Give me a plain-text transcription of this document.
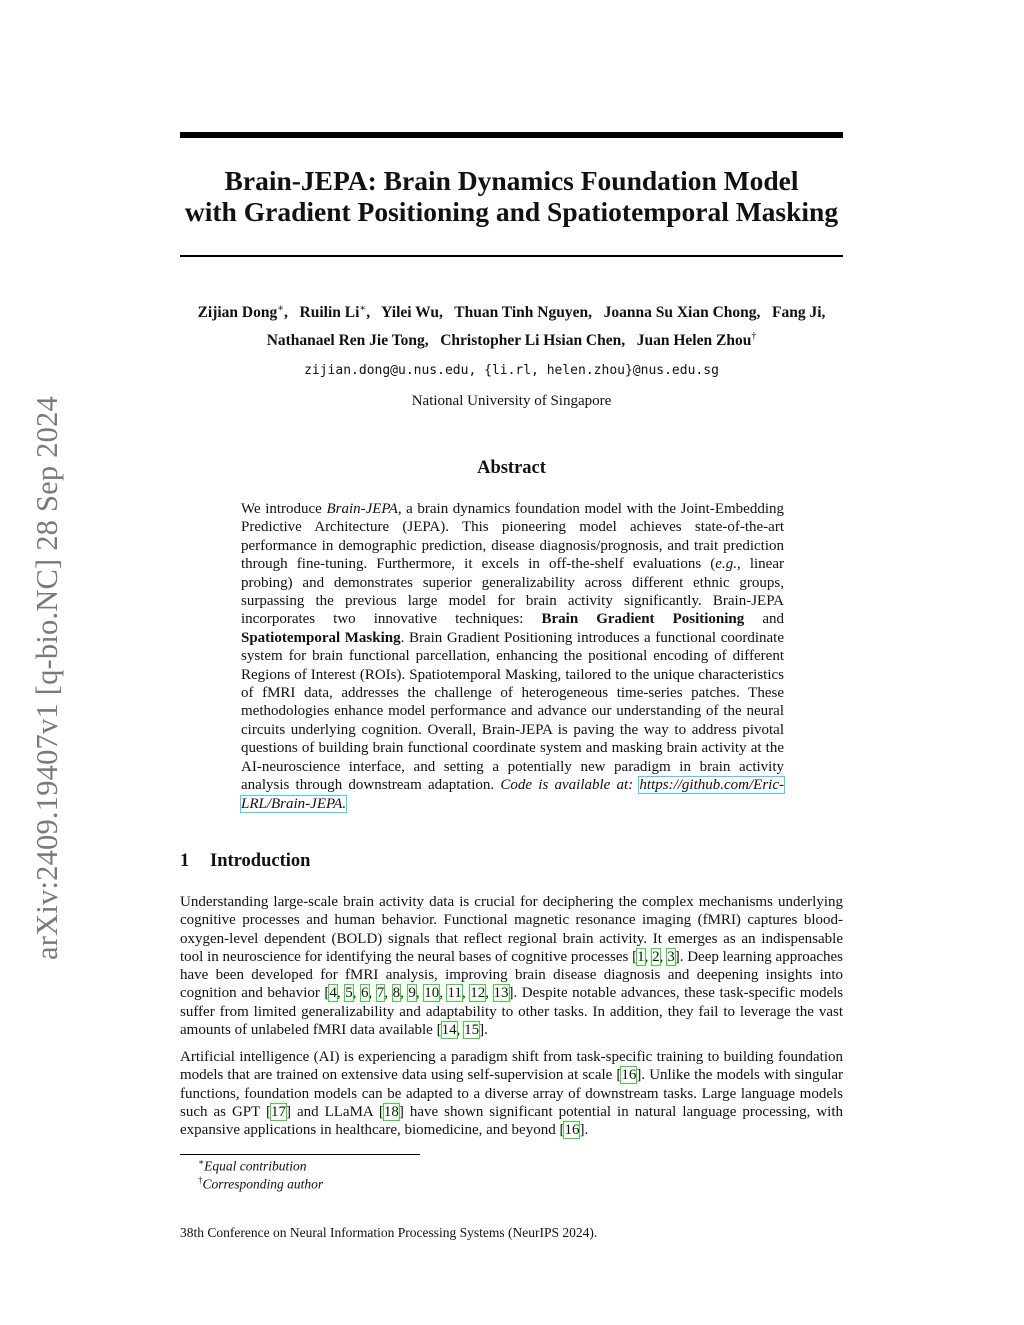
arXiv:2409.19407v1 [q-bio.NC] 28 Sep 2024
Brain-JEPA: Brain Dynamics Foundation Model
with Gradient Positioning and Spatiotemporal Masking
Zijian Dong∗, Ruilin Li∗, Yilei Wu, Thuan Tinh Nguyen, Joanna Su Xian Chong, Fang Ji,
Nathanael Ren Jie Tong, Christopher Li Hsian Chen, Juan Helen Zhou†
zijian.dong@u.nus.edu, {li.rl, helen.zhou}@nus.edu.sg
National University of Singapore
Abstract

We introduce Brain-JEPA, a brain dynamics foundation model with the Joint-Embedding Predictive Architecture (JEPA). This pioneering model achieves state-of-the-art performance in demographic prediction, disease diagnosis/prognosis, and trait prediction through fine-tuning. Furthermore, it excels in off-the-shelf evaluations (e.g., linear probing) and demonstrates superior generalizability across different ethnic groups, surpassing the previous large model for brain activity significantly. Brain-JEPA incorporates two innovative techniques: Brain Gradient Positioning and Spatiotemporal Masking. Brain Gradient Positioning introduces a functional coordinate system for brain functional parcellation, enhancing the positional encoding of different Regions of Interest (ROIs). Spatiotemporal Masking, tailored to the unique characteristics of fMRI data, addresses the challenge of heterogeneous time-series patches. These methodologies enhance model performance and advance our understanding of the neural circuits underlying cognition. Overall, Brain-JEPA is paving the way to address pivotal questions of building brain functional coordinate system and masking brain activity at the AI-neuroscience interface, and setting a potentially new paradigm in brain activity analysis through downstream adaptation. Code is available at: https://github.com/Eric-LRL/Brain-JEPA.

1 Introduction

Understanding large-scale brain activity data is crucial for deciphering the complex mechanisms underlying cognitive processes and human behavior. Functional magnetic resonance imaging (fMRI) captures blood-oxygen-level dependent (BOLD) signals that reflect regional brain activity. It emerges as an indispensable tool in neuroscience for identifying the neural bases of cognitive processes [1, 2, 3]. Deep learning approaches have been developed for fMRI analysis, improving brain disease diagnosis and deepening insights into cognition and behavior [4, 5, 6, 7, 8, 9, 10, 11, 12, 13]. Despite notable advances, these task-specific models suffer from limited generalizability and adaptability to other tasks. In addition, they fail to leverage the vast amounts of unlabeled fMRI data available [14, 15].

Artificial intelligence (AI) is experiencing a paradigm shift from task-specific training to building foundation models that are trained on extensive data using self-supervision at scale [16]. Unlike the models with singular functions, foundation models can be adapted to a diverse array of downstream tasks. Large language models such as GPT [17] and LLaMA [18] have shown significant potential in natural language processing, with expansive applications in healthcare, biomedicine, and beyond [16].

∗Equal contribution
†Corresponding author
38th Conference on Neural Information Processing Systems (NeurIPS 2024).
